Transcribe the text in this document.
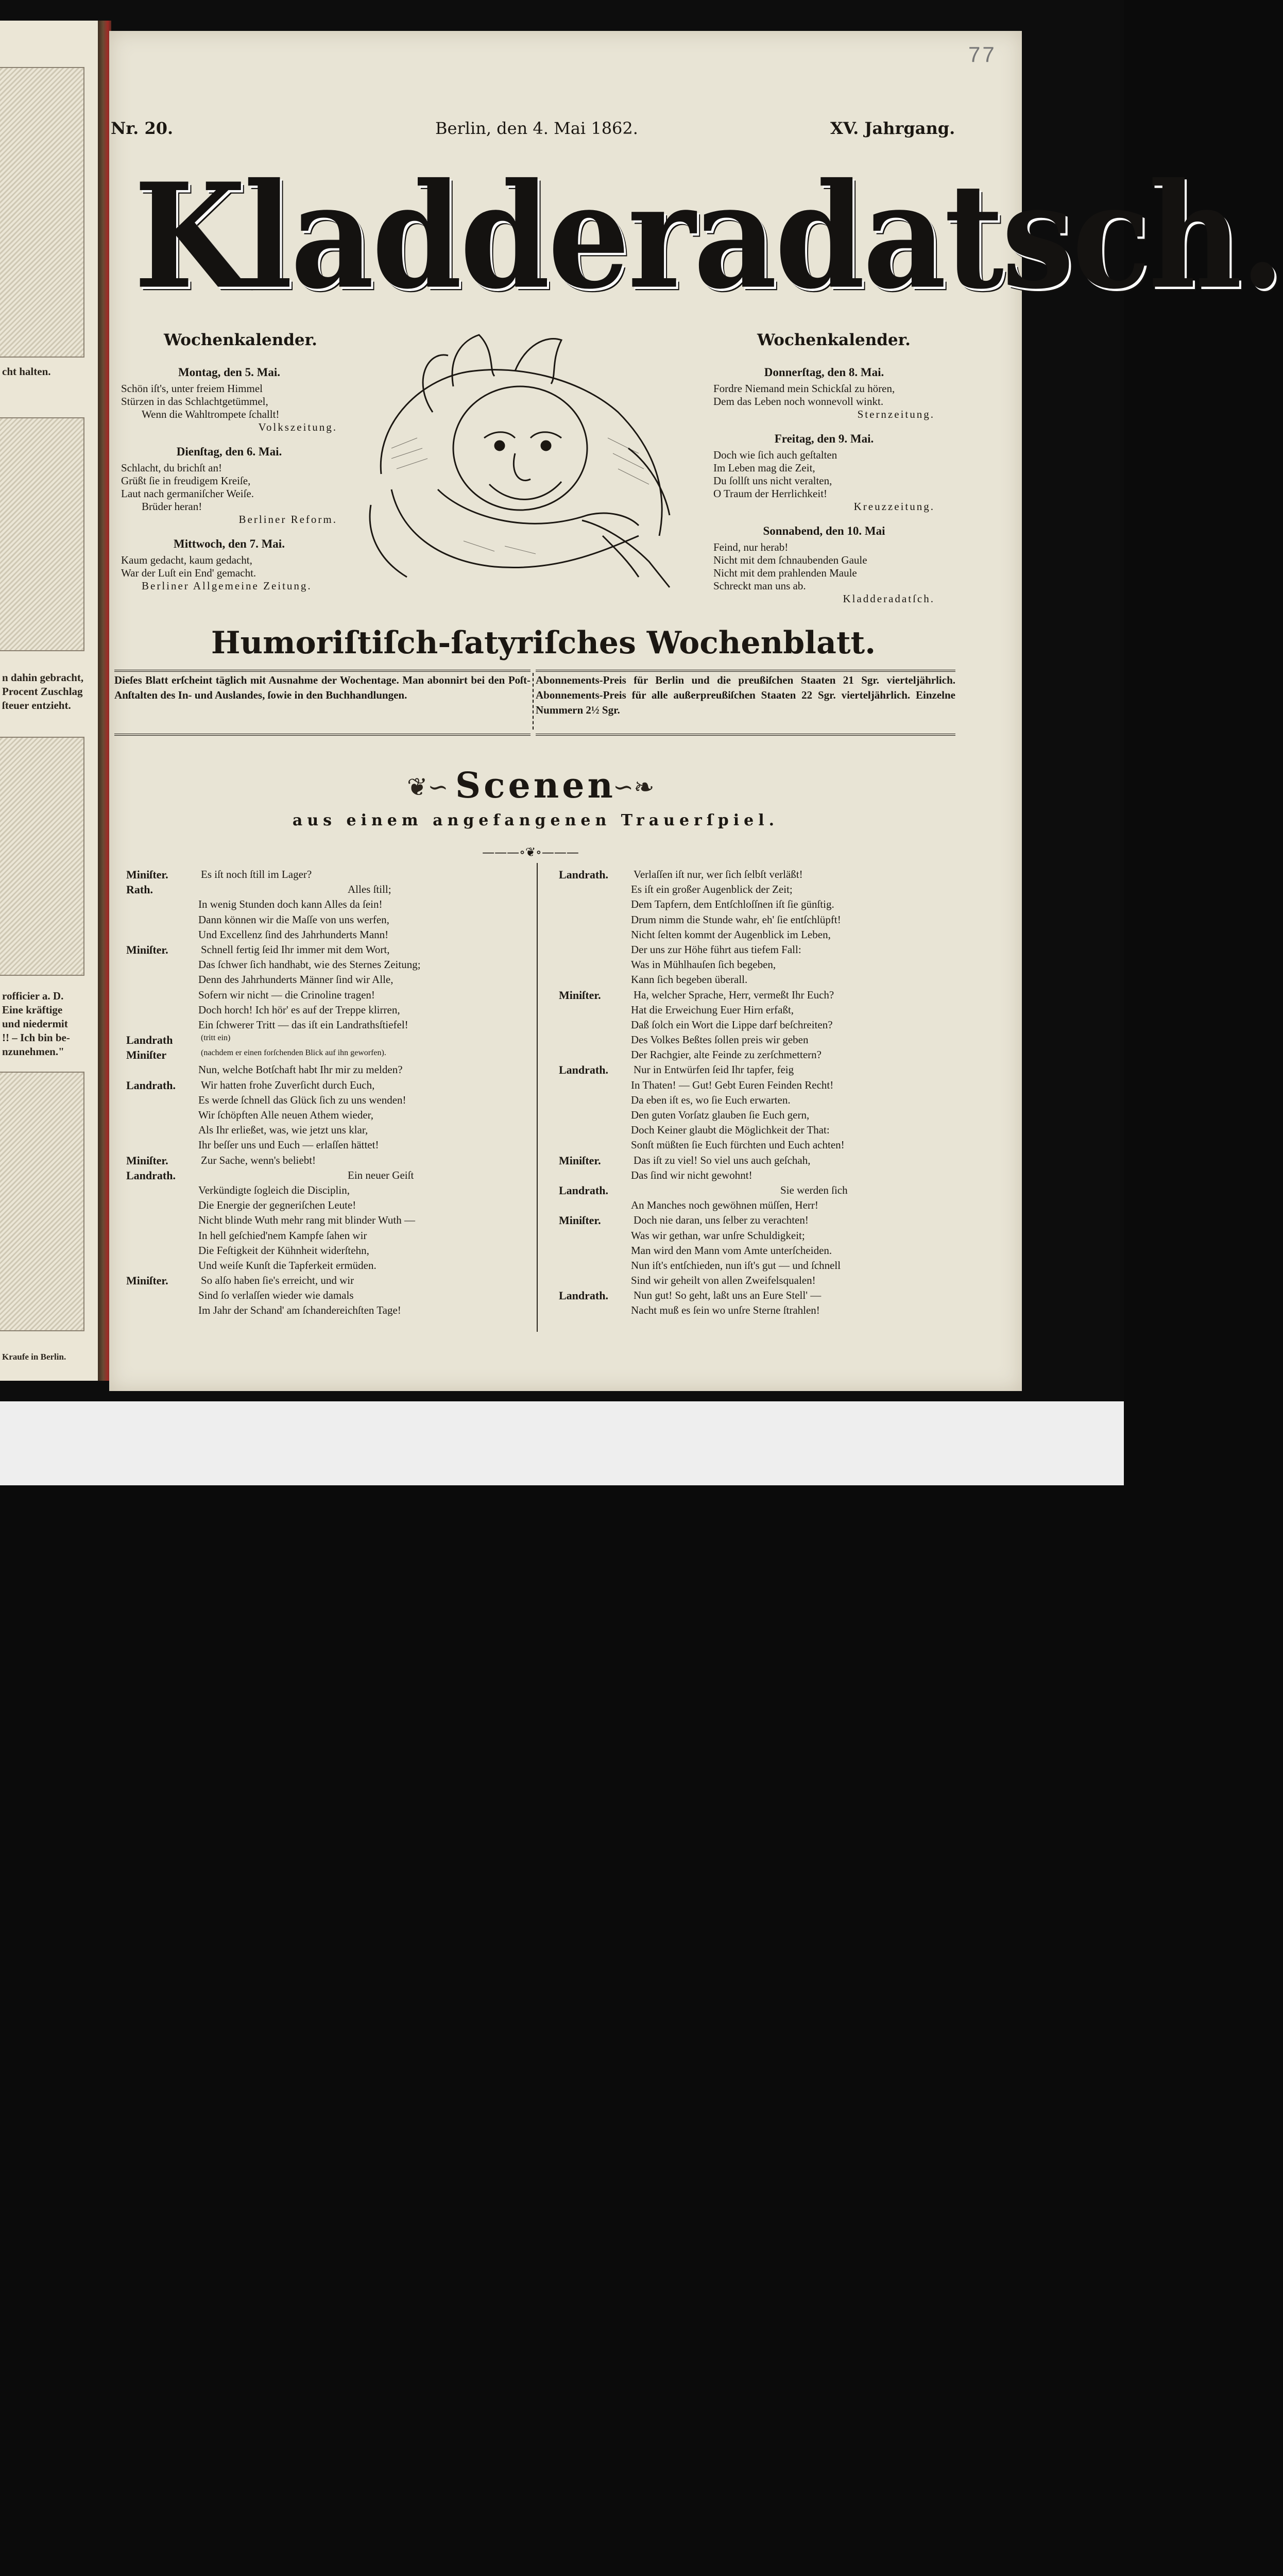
cht halten.
n dahin gebracht,
Procent Zuschlag
ſteuer entzieht.
rofficier a. D.
Eine kräftige
und niedermit
!! – Ich bin be-
nzunehmen."
Kraufe in Berlin.
77
Nr. 20.	Berlin, den 4. Mai 1862.	XV. Jahrgang.
Kladderadatsch.
Wochenkalender.	Wochenkalender.
Montag, den 5. Mai.
Schön iſt's, unter freiem Himmel
Stürzen in das Schlachtgetümmel,
Wenn die Wahltrompete ſchallt!
Volkszeitung.
Dienſtag, den 6. Mai.
Schlacht, du brichſt an!
Grüßt ſie in freudigem Kreiſe,
Laut nach germaniſcher Weiſe.
Brüder heran!
Berliner Reform.
Mittwoch, den 7. Mai.
Kaum gedacht, kaum gedacht,
War der Luſt ein End' gemacht.
Berliner Allgemeine Zeitung.
Donnerſtag, den 8. Mai.
Fordre Niemand mein Schickſal zu hören,
Dem das Leben noch wonnevoll winkt.
Sternzeitung.
Freitag, den 9. Mai.
Doch wie ſich auch geſtalten
Im Leben mag die Zeit,
Du ſollſt uns nicht veralten,
O Traum der Herrlichkeit!
Kreuzzeitung.
Sonnabend, den 10. Mai
Feind, nur herab!
Nicht mit dem ſchnaubenden Gaule
Nicht mit dem prahlenden Maule
Schreckt man uns ab.
Kladderadatſch.
Humoriſtiſch-ſatyriſches Wochenblatt.
Dieſes Blatt erſcheint täglich mit Ausnahme der Wochentage. Man abonnirt bei den Poſt-Anſtalten des In- und Auslandes, ſowie in den Buchhandlungen.
Abonnements-Preis für Berlin und die preußiſchen Staaten 21 Sgr. vierteljährlich. Abonnements-Preis für alle außerpreußiſchen Staaten 22 Sgr. vierteljährlich. Einzelne Nummern 2½ Sgr.
❦∽ Scenen
∽❧
aus einem angefangenen Trauerſpiel.
———∘❦∘———
Miniſter.	Es iſt noch ſtill im Lager?
Rath.	Alles ſtill;
In wenig Stunden doch kann Alles da ſein!
Dann können wir die Maſſe von uns werfen,
Und Excellenz ſind des Jahrhunderts Mann!
Miniſter.	Schnell fertig ſeid Ihr immer mit dem Wort,
Das ſchwer ſich handhabt, wie des Sternes Zeitung;
Denn des Jahrhunderts Männer ſind wir Alle,
Sofern wir nicht — die Crinoline tragen!
Doch horch! Ich hör' es auf der Treppe klirren,
Ein ſchwerer Tritt — das iſt ein Landrathsſtiefel!
Landrath	(tritt ein)
Miniſter	(nachdem er einen forſchenden Blick auf ihn geworfen).
Nun, welche Botſchaft habt Ihr mir zu melden?
Landrath. Wir hatten frohe Zuverſicht durch Euch,
Es werde ſchnell das Glück ſich zu uns wenden!
Wir ſchöpften Alle neuen Athem wieder,
Als Ihr erließet, was, wie jetzt uns klar,
Ihr beſſer uns und Euch — erlaſſen hättet!
Miniſter.	Zur Sache, wenn's beliebt!
Landrath.	Ein neuer Geiſt
Verkündigte ſogleich die Disciplin,
Die Energie der gegneriſchen Leute!
Nicht blinde Wuth mehr rang mit blinder Wuth —
In hell geſchied'nem Kampfe ſahen wir
Die Feſtigkeit der Kühnheit widerſtehn,
Und weiſe Kunſt die Tapferkeit ermüden.
Miniſter.	So alſo haben ſie's erreicht, und wir
Sind ſo verlaſſen wieder wie damals
Im Jahr der Schand' am ſchandereichſten Tage!
Landrath. Verlaſſen iſt nur, wer ſich ſelbſt verläßt!
Es iſt ein großer Augenblick der Zeit;
Dem Tapfern, dem Entſchloſſnen iſt ſie günſtig.
Drum nimm die Stunde wahr, eh' ſie entſchlüpft!
Nicht ſelten kommt der Augenblick im Leben,
Der uns zur Höhe führt aus tiefem Fall:
Was in Mühlhauſen ſich begeben,
Kann ſich begeben überall.
Miniſter.	Ha, welcher Sprache, Herr, vermeßt Ihr Euch?
Hat die Erweichung Euer Hirn erfaßt,
Daß ſolch ein Wort die Lippe darf beſchreiten?
Des Volkes Beßtes ſollen preis wir geben
Der Rachgier, alte Feinde zu zerſchmettern?
Landrath. Nur in Entwürfen ſeid Ihr tapfer, feig
In Thaten! — Gut! Gebt Euren Feinden Recht!
Da eben iſt es, wo ſie Euch erwarten.
Den guten Vorſatz glauben ſie Euch gern,
Doch Keiner glaubt die Möglichkeit der That:
Sonſt müßten ſie Euch fürchten und Euch achten!
Miniſter.	Das iſt zu viel! So viel uns auch geſchah,
Das ſind wir nicht gewohnt!
Landrath.	Sie werden ſich
An Manches noch gewöhnen müſſen, Herr!
Miniſter.	Doch nie daran, uns ſelber zu verachten!
Was wir gethan, war unſre Schuldigkeit;
Man wird den Mann vom Amte unterſcheiden.
Nun iſt's entſchieden, nun iſt's gut — und ſchnell
Sind wir geheilt von allen Zweifelsqualen!
Landrath. Nun gut! So geht, laßt uns an Eure Stell' —
Nacht muß es ſein wo unſre Sterne ſtrahlen!
